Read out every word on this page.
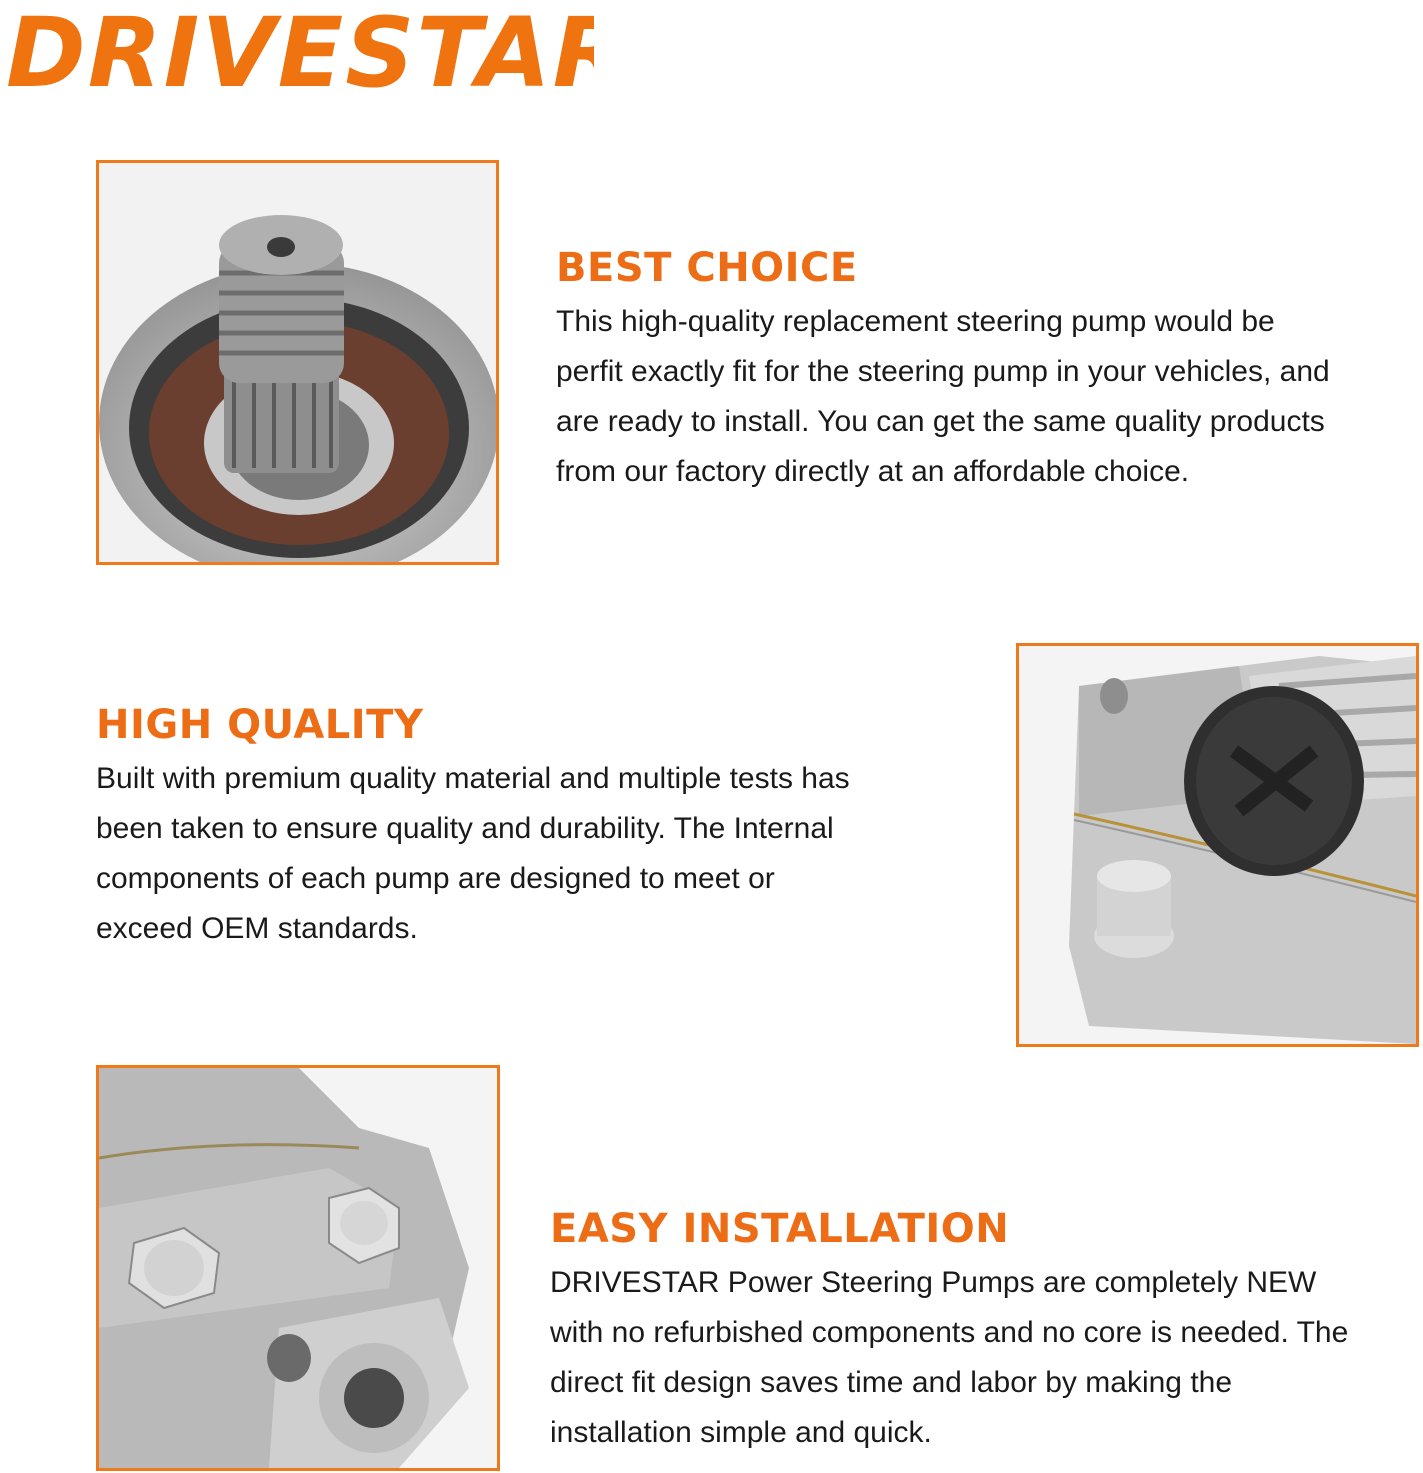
DRIVESTAR
BEST CHOICE

This high-quality replacement steering pump would be perfit exactly fit for the steering pump in your vehicles, and are ready to install. You can get the same quality products from our factory directly at an affordable choice.

HIGH QUALITY

Built with premium quality material and multiple tests has been taken to ensure quality and durability. The Internal components of each pump are designed to meet or exceed OEM standards.

EASY INSTALLATION

DRIVESTAR Power Steering Pumps are completely NEW with no refurbished components and no core is needed. The direct fit design saves time and labor by making the installation simple and quick.
